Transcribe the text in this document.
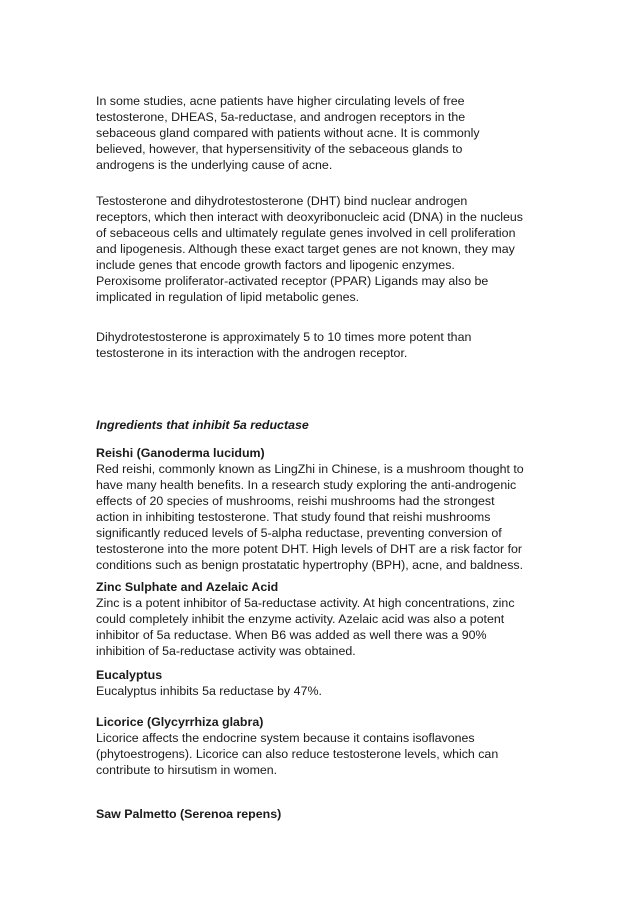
In some studies, acne patients have higher circulating levels of free
testosterone, DHEAS, 5a-reductase, and androgen receptors in the
sebaceous gland compared with patients without acne. It is commonly
believed, however, that hypersensitivity of the sebaceous glands to
androgens is the underlying cause of acne.
Testosterone and dihydrotestosterone (DHT) bind nuclear androgen
receptors, which then interact with deoxyribonucleic acid (DNA) in the nucleus
of sebaceous cells and ultimately regulate genes involved in cell proliferation
and lipogenesis. Although these exact target genes are not known, they may
include genes that encode growth factors and lipogenic enzymes.
Peroxisome proliferator-activated receptor (PPAR) Ligands may also be
implicated in regulation of lipid metabolic genes.
Dihydrotestosterone is approximately 5 to 10 times more potent than
testosterone in its interaction with the androgen receptor.
Ingredients that inhibit 5a reductase
Reishi (Ganoderma lucidum)
Red reishi, commonly known as LingZhi in Chinese, is a mushroom thought to
have many health benefits. In a research study exploring the anti-androgenic
effects of 20 species of mushrooms, reishi mushrooms had the strongest
action in inhibiting testosterone. That study found that reishi mushrooms
significantly reduced levels of 5-alpha reductase, preventing conversion of
testosterone into the more potent DHT. High levels of DHT are a risk factor for
conditions such as benign prostatatic hypertrophy (BPH), acne, and baldness.
Zinc Sulphate and Azelaic Acid
Zinc is a potent inhibitor of 5a-reductase activity. At high concentrations, zinc
could completely inhibit the enzyme activity. Azelaic acid was also a potent
inhibitor of 5a reductase. When B6 was added as well there was a 90%
inhibition of 5a-reductase activity was obtained.
Eucalyptus
Eucalyptus inhibits 5a reductase by 47%.
Licorice (Glycyrrhiza glabra)
Licorice affects the endocrine system because it contains isoflavones
(phytoestrogens). Licorice can also reduce testosterone levels, which can
contribute to hirsutism in women.
Saw Palmetto (Serenoa repens)
